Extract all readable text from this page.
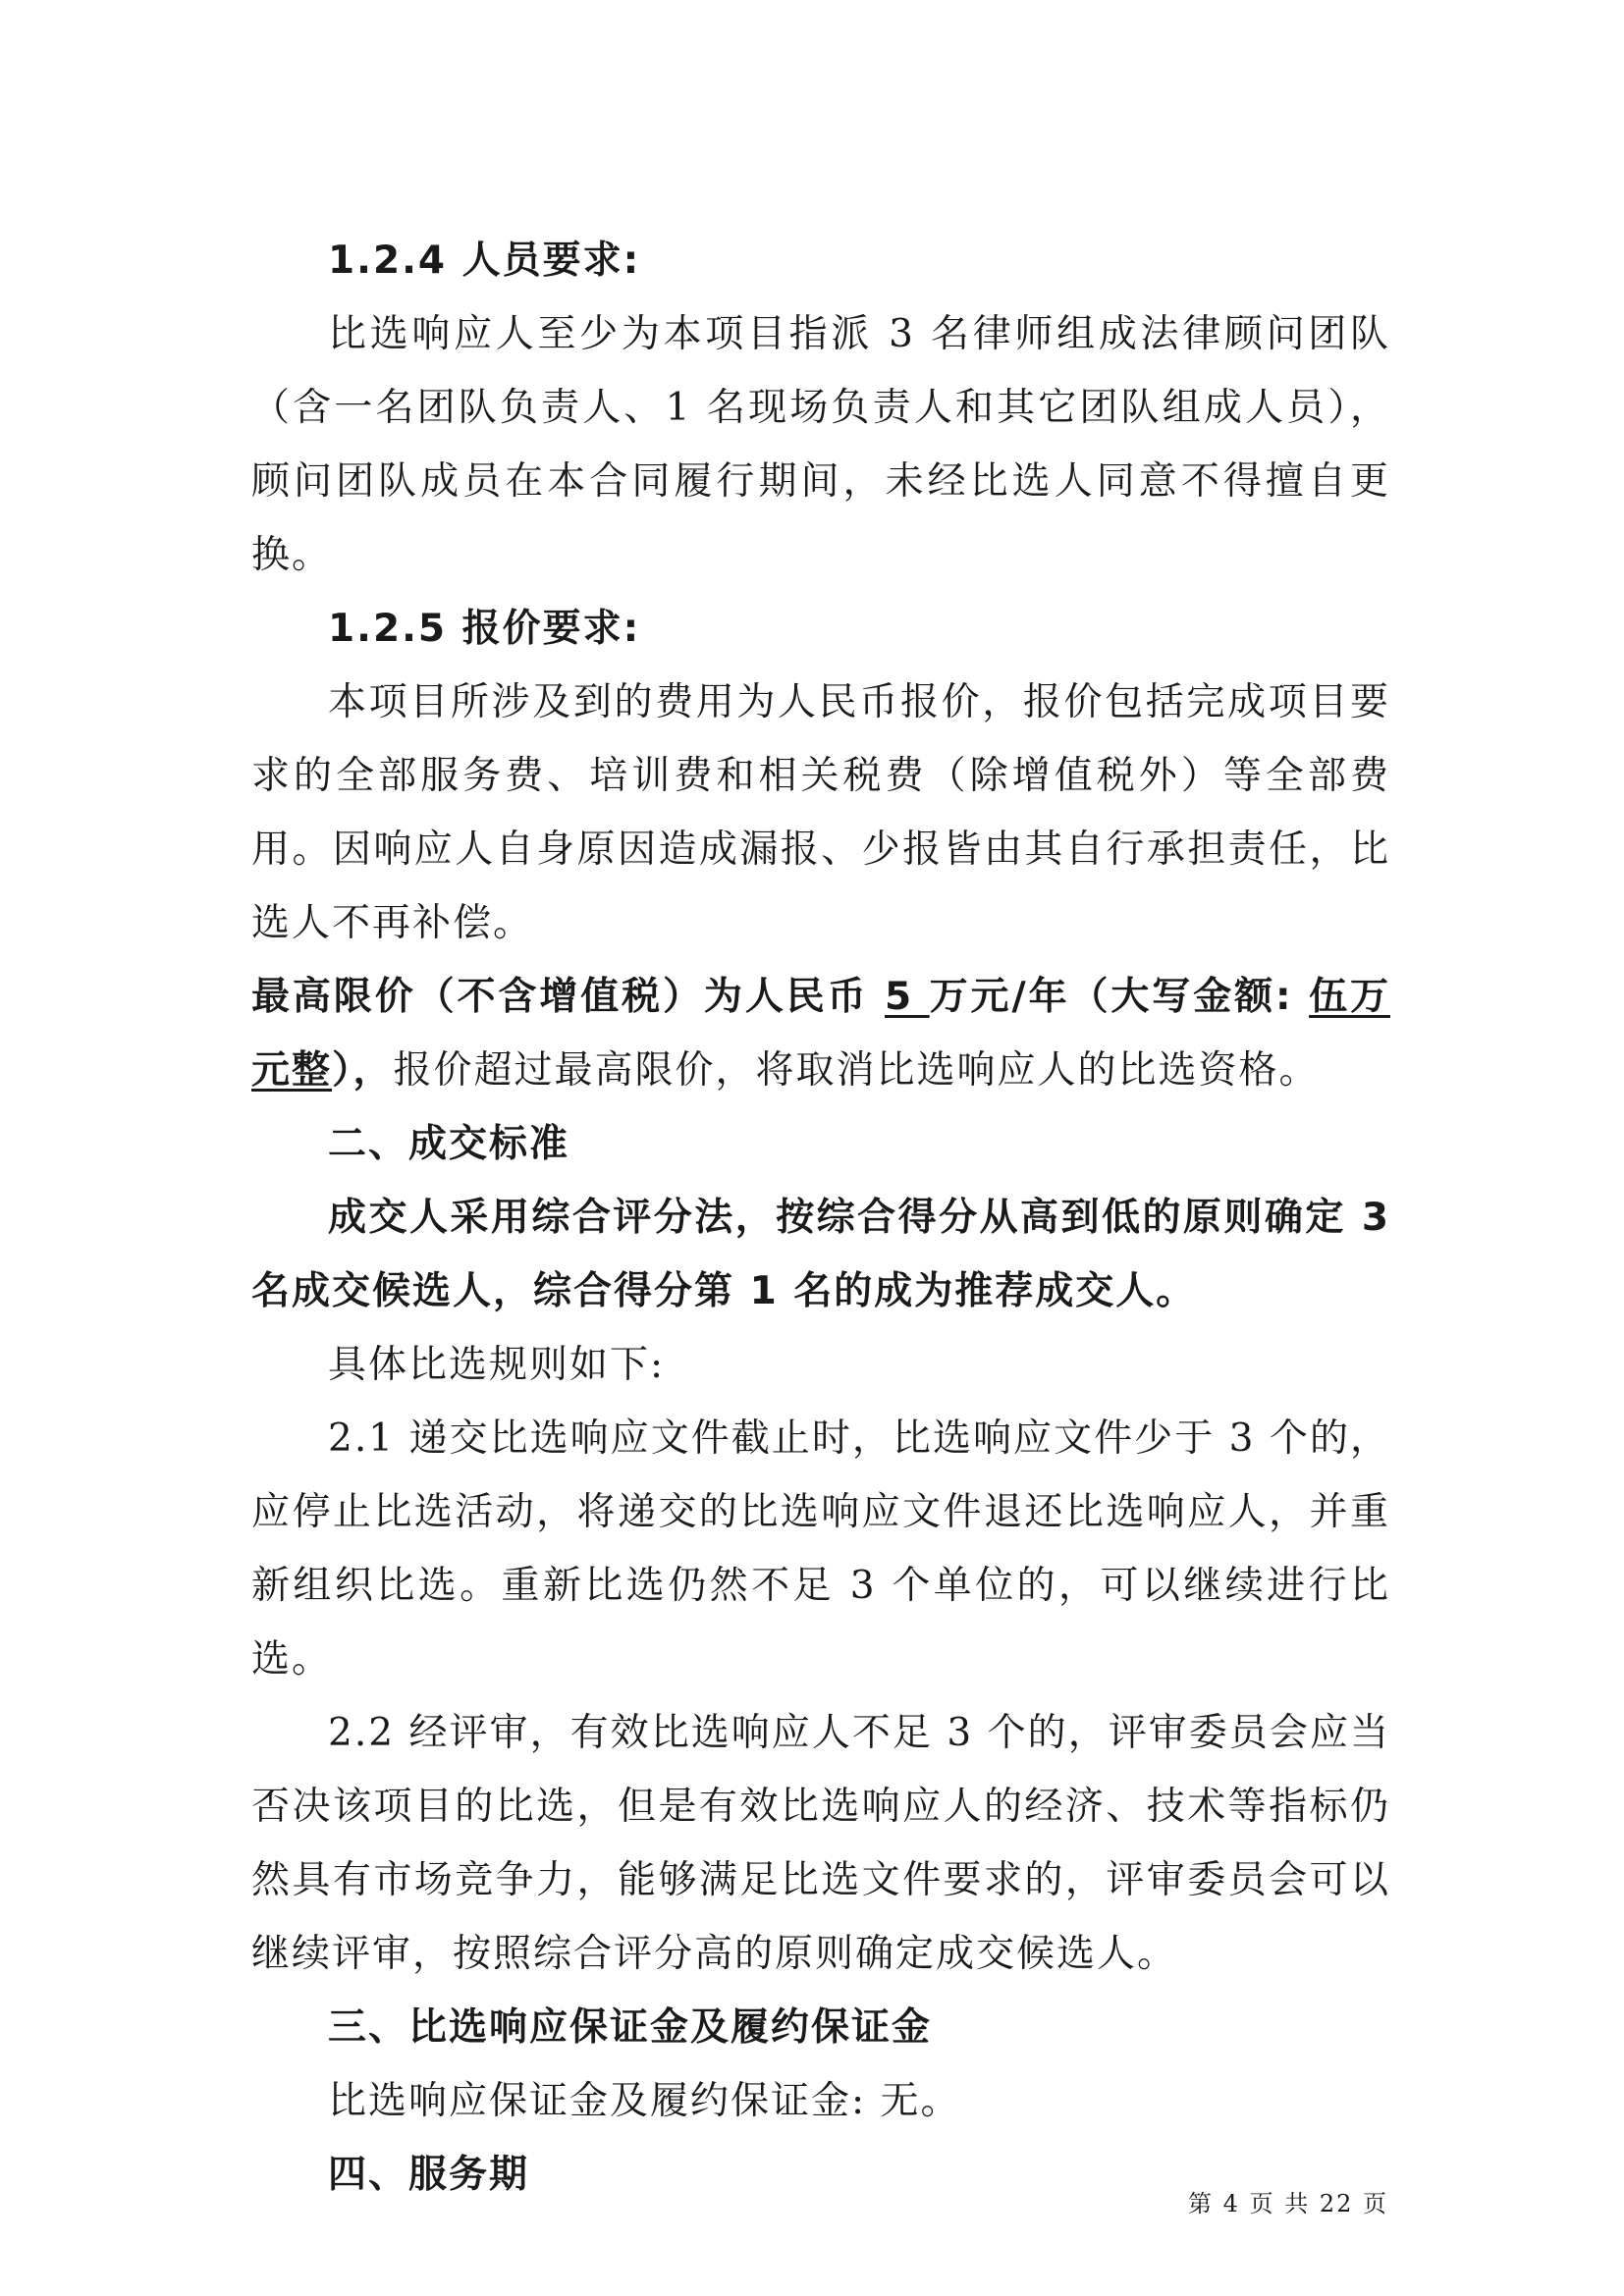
1.2.4 人员要求:

比选响应人至少为本项目指派 3 名律师组成法律顾问团队（含一名团队负责人、1 名现场负责人和其它团队组成人员），顾问团队成员在本合同履行期间，未经比选人同意不得擅自更换。

1.2.5 报价要求:

本项目所涉及到的费用为人民币报价，报价包括完成项目要求的全部服务费、培训费和相关税费（除增值税外）等全部费用。因响应人自身原因造成漏报、少报皆由其自行承担责任，比选人不再补偿。

最高限价（不含增值税）为人民币 5 万元/年（大写金额: 伍万元整），报价超过最高限价，将取消比选响应人的比选资格。

二、成交标准

成交人采用综合评分法，按综合得分从高到低的原则确定 3 名成交候选人，综合得分第 1 名的成为推荐成交人。

具体比选规则如下:

2.1 递交比选响应文件截止时，比选响应文件少于 3 个的，应停止比选活动，将递交的比选响应文件退还比选响应人，并重新组织比选。重新比选仍然不足 3 个单位的，可以继续进行比选。

2.2 经评审，有效比选响应人不足 3 个的，评审委员会应当否决该项目的比选，但是有效比选响应人的经济、技术等指标仍然具有市场竞争力，能够满足比选文件要求的，评审委员会可以继续评审，按照综合评分高的原则确定成交候选人。

三、比选响应保证金及履约保证金

比选响应保证金及履约保证金: 无。

四、服务期

第 4 页 共 22 页
